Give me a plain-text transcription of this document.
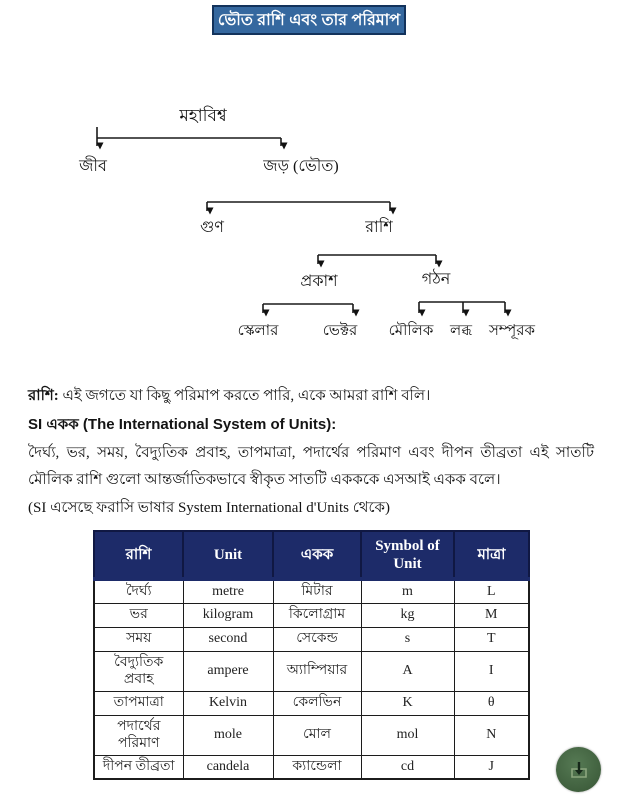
ভৌত রাশি এবং তার পরিমাপ
মহাবিশ্ব
জীব	জড় (ভৌত)
গুণ	রাশি
প্রকাশ	গঠন
স্কেলার	ভেক্টর মৌলিক লব্ধ সম্পূরক

রাশি: এই জগতে যা কিছু পরিমাপ করতে পারি, একে আমরা রাশি বলি।

SI একক (The International System of Units):

দৈর্ঘ্য, ভর, সময়, বৈদ্যুতিক প্রবাহ, তাপমাত্রা, পদার্থের পরিমাণ এবং দীপন তীব্রতা এই সাতটি মৌলিক রাশি গুলো আন্তর্জাতিকভাবে স্বীকৃত সাতটি একককে এসআই একক বলে।

(SI এসেছে ফরাসি ভাষার System International d'Units থেকে)

রাশি	Unit	একক	Symbol of Unit	মাত্রা
দৈর্ঘ্য	metre	মিটার	m	L
ভর	kilogram	কিলোগ্রাম	kg	M
সময়	second	সেকেন্ড	s	T
বৈদ্যুতিক প্রবাহ	ampere	অ্যাম্পিয়ার	A	I
তাপমাত্রা	Kelvin	কেলভিন	K	θ
পদার্থের পরিমাণ	mole	মোল	mol	N
দীপন তীব্রতা	candela	ক্যান্ডেলা	cd	J
